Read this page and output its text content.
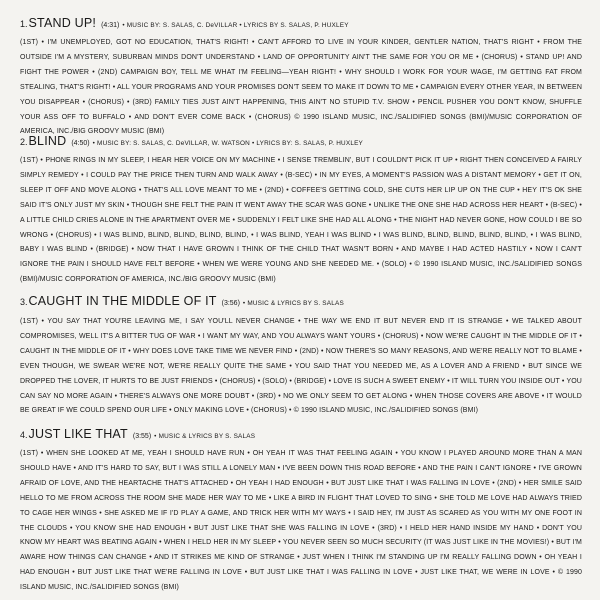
1. STAND UP! (4:31) • MUSIC BY: S. SALAS, C. DeVILLAR • LYRICS BY S. SALAS, P. HUXLEY

(1ST) • I'M UNEMPLOYED, GOT NO EDUCATION, THAT'S RIGHT! • CAN'T AFFORD TO LIVE IN YOUR KINDER, GENTLER NATION, THAT'S RIGHT • FROM THE OUTSIDE I'M A MYSTERY, SUBURBAN MINDS DON'T UNDERSTAND • LAND OF OPPORTUNITY AIN'T THE SAME FOR YOU OR ME • (CHORUS) • STAND UP! AND FIGHT THE POWER • (2ND) CAMPAIGN BOY, TELL ME WHAT I'M FEELING—YEAH RIGHT! • WHY SHOULD I WORK FOR YOUR WAGE, I'M GETTING FAT FROM STEALING, THAT'S RIGHT! • ALL YOUR PROGRAMS AND YOUR PROMISES DON'T SEEM TO MAKE IT DOWN TO ME • CAMPAIGN EVERY OTHER YEAR, IN BETWEEN YOU DISAPPEAR • (CHORUS) • (3RD) FAMILY TIES JUST AIN'T HAPPENING, THIS AIN'T NO STUPID T.V. SHOW • PENCIL PUSHER YOU DON'T KNOW, SHUFFLE YOUR ASS OFF TO BUFFALO • AND DON'T EVER COME BACK • (CHORUS) © 1990 ISLAND MUSIC, INC./SALIDIFIED SONGS (BMI)/MUSIC CORPORATION OF AMERICA, INC./BIG GROOVY MUSIC (BMI)

2. BLIND (4:50) • MUSIC BY: S. SALAS, C. DeVILLAR, W. WATSON • LYRICS BY: S. SALAS, P. HUXLEY

(1ST) • PHONE RINGS IN MY SLEEP, I HEAR HER VOICE ON MY MACHINE • I SENSE TREMBLIN', BUT I COULDN'T PICK IT UP • RIGHT THEN CONCEIVED A FAIRLY SIMPLY REMEDY • I COULD PAY THE PRICE THEN TURN AND WALK AWAY • (B-SEC) • IN MY EYES, A MOMENT'S PASSION WAS A DISTANT MEMORY • GET IT ON, SLEEP IT OFF AND MOVE ALONG • THAT'S ALL LOVE MEANT TO ME • (2ND) • COFFEE'S GETTING COLD, SHE CUTS HER LIP UP ON THE CUP • HEY IT'S OK SHE SAID IT'S ONLY JUST MY SKIN • THOUGH SHE FELT THE PAIN IT WENT AWAY THE SCAR WAS GONE • UNLIKE THE ONE SHE HAD ACROSS HER HEART • (B-SEC) • A LITTLE CHILD CRIES ALONE IN THE APARTMENT OVER ME • SUDDENLY I FELT LIKE SHE HAD ALL ALONG • THE NIGHT HAD NEVER GONE, HOW COULD I BE SO WRONG • (CHORUS) • I WAS BLIND, BLIND, BLIND, BLIND, BLIND, • I WAS BLIND, YEAH I WAS BLIND • I WAS BLIND, BLIND, BLIND, BLIND, BLIND, • I WAS BLIND, BABY I WAS BLIND • (BRIDGE) • NOW THAT I HAVE GROWN I THINK OF THE CHILD THAT WASN'T BORN • AND MAYBE I HAD ACTED HASTILY • NOW I CAN'T IGNORE THE PAIN I SHOULD HAVE FELT BEFORE • WHEN WE WERE YOUNG AND SHE NEEDED ME. • (SOLO) • © 1990 ISLAND MUSIC, INC./SALIDIFIED SONGS (BMI)/MUSIC CORPORATION OF AMERICA, INC./BIG GROOVY MUSIC (BMI)

3. CAUGHT IN THE MIDDLE OF IT (3:56) • MUSIC & LYRICS BY S. SALAS

(1ST) • YOU SAY THAT YOU'RE LEAVING ME, I SAY YOU'LL NEVER CHANGE • THE WAY WE END IT BUT NEVER END IT IS STRANGE • WE TALKED ABOUT COMPROMISES, WELL IT'S A BITTER TUG OF WAR • I WANT MY WAY, AND YOU ALWAYS WANT YOURS • (CHORUS) • NOW WE'RE CAUGHT IN THE MIDDLE OF IT • CAUGHT IN THE MIDDLE OF IT • WHY DOES LOVE TAKE TIME WE NEVER FIND • (2ND) • NOW THERE'S SO MANY REASONS, AND WE'RE REALLY NOT TO BLAME • EVEN THOUGH, WE SWEAR WE'RE NOT, WE'RE REALLY QUITE THE SAME • YOU SAID THAT YOU NEEDED ME, AS A LOVER AND A FRIEND • BUT SINCE WE DROPPED THE LOVER, IT HURTS TO BE JUST FRIENDS • (CHORUS) • (SOLO) • (BRIDGE) • LOVE IS SUCH A SWEET ENEMY • IT WILL TURN YOU INSIDE OUT • YOU CAN SAY NO MORE AGAIN • THERE'S ALWAYS ONE MORE DOUBT • (3RD) • NO WE ONLY SEEM TO GET ALONG • WHEN THOSE COVERS ARE ABOVE • IT WOULD BE GREAT IF WE COULD SPEND OUR LIFE • ONLY MAKING LOVE • (CHORUS) • © 1990 ISLAND MUSIC, INC./SALIDIFIED SONGS (BMI)

4. JUST LIKE THAT (3:55) • MUSIC & LYRICS BY S. SALAS

(1ST) • WHEN SHE LOOKED AT ME, YEAH I SHOULD HAVE RUN • OH YEAH IT WAS THAT FEELING AGAIN • YOU KNOW I PLAYED AROUND MORE THAN A MAN SHOULD HAVE • AND IT'S HARD TO SAY, BUT I WAS STILL A LONELY MAN • I'VE BEEN DOWN THIS ROAD BEFORE • AND THE PAIN I CAN'T IGNORE • I'VE GROWN AFRAID OF LOVE, AND THE HEARTACHE THAT'S ATTACHED • OH YEAH I HAD ENOUGH • BUT JUST LIKE THAT I WAS FALLING IN LOVE • (2ND) • HER SMILE SAID HELLO TO ME FROM ACROSS THE ROOM SHE MADE HER WAY TO ME • LIKE A BIRD IN FLIGHT THAT LOVED TO SING • SHE TOLD ME LOVE HAD ALWAYS TRIED TO CAGE HER WINGS • SHE ASKED ME IF I'D PLAY A GAME, AND TRICK HER WITH MY WAYS • I SAID HEY, I'M JUST AS SCARED AS YOU WITH MY ONE FOOT IN THE CLOUDS • YOU KNOW SHE HAD ENOUGH • BUT JUST LIKE THAT SHE WAS FALLING IN LOVE • (3RD) • I HELD HER HAND INSIDE MY HAND • DON'T YOU KNOW MY HEART WAS BEATING AGAIN • WHEN I HELD HER IN MY SLEEP • YOU NEVER SEEN SO MUCH SECURITY (IT WAS JUST LIKE IN THE MOVIES!) • BUT I'M AWARE HOW THINGS CAN CHANGE • AND IT STRIKES ME KIND OF STRANGE • JUST WHEN I THINK I'M STANDING UP I'M REALLY FALLING DOWN • OH YEAH I HAD ENOUGH • BUT JUST LIKE THAT WE'RE FALLING IN LOVE • BUT JUST LIKE THAT I WAS FALLING IN LOVE • JUST LIKE THAT, WE WERE IN LOVE • © 1990 ISLAND MUSIC, INC./SALIDIFIED SONGS (BMI)
